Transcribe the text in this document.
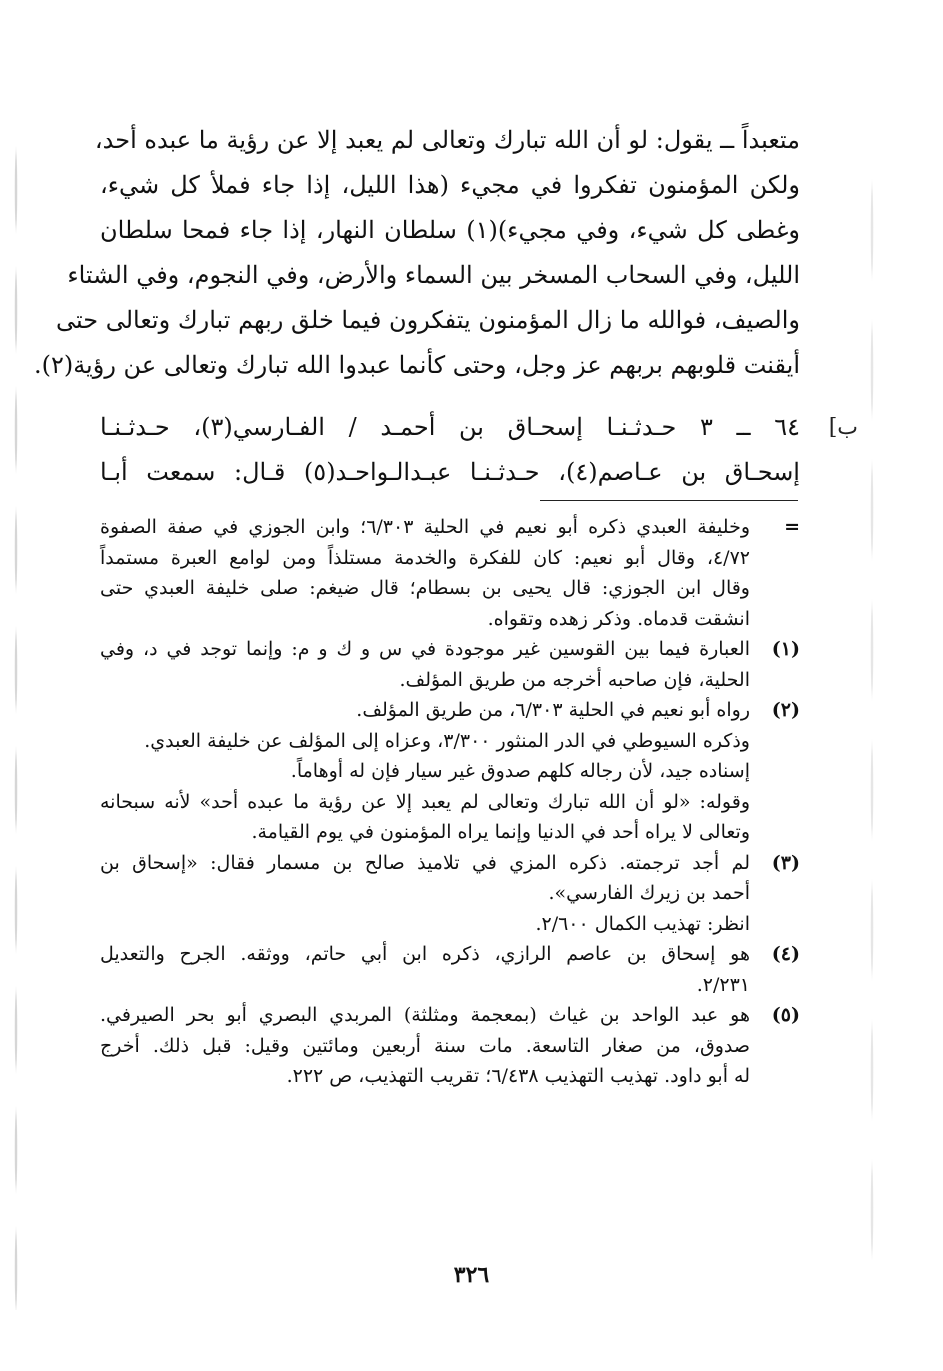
متعبداً ــ يقول: لو أن الله تبارك وتعالى لم يعبد إلا عن رؤية ما عبده أحد،
ولكن المؤمنون تفكروا في مجيء (هذا الليل، إذا جاء فملأ كل شيء،
وغطى كل شيء، وفي مجيء)(١) سلطان النهار، إذا جاء فمحا سلطان
الليل، وفي السحاب المسخر بين السماء والأرض، وفي النجوم، وفي الشتاء
والصيف، فوالله ما زال المؤمنون يتفكرون فيما خلق ربهم تبارك وتعالى حتى
أيقنت قلوبهم بربهم عز وجل، وحتى كأنما عبدوا الله تبارك وتعالى عن رؤية(٢).
ب]
٦٤ ــ ٣ حـدثـنـا إسحـاق بن أحمـد / الفـارسي(٣)، حـدثـنـا
إسحـاق بن عـاصم(٤)، حـدثـنـا عبـدالـواحـد(٥) قـال: سمعت أبـا
=
وخليفة العبدي ذكره أبو نعيم في الحلية ٦/٣٠٣؛ وابن الجوزي في صفة الصفوة
٤/٧٢، وقال أبو نعيم: كان للفكرة والخدمة مستلذاً ومن لوامع العبرة مستمداً
وقال ابن الجوزي: قال يحيى بن بسطام؛ قال ضيغم: صلى خليفة العبدي حتى
انشقت قدماه. وذكر زهده وتقواه.
(١)
العبارة فيما بين القوسين غير موجودة في س و ك و م: وإنما توجد في د، وفي
الحلية، فإن صاحبه أخرجه من طريق المؤلف.
(٢)
رواه أبو نعيم في الحلية ٦/٣٠٣، من طريق المؤلف.
وذكره السيوطي في الدر المنثور ٣/٣٠٠، وعزاه إلى المؤلف عن خليفة العبدي.
إسناده جيد، لأن رجاله كلهم صدوق غير سيار فإن له أوهاماً.
وقوله: «لو أن الله تبارك وتعالى لم يعبد إلا عن رؤية ما عبده أحد» لأنه سبحانه
وتعالى لا يراه أحد في الدنيا وإنما يراه المؤمنون في يوم القيامة.
(٣)
لم أجد ترجمته. ذكره المزي في تلاميذ صالح بن مسمار فقال: «إسحاق بن
أحمد بن زيرك الفارسي».
انظر: تهذيب الكمال ٢/٦٠٠.
(٤)
هو إسحاق بن عاصم الرازي، ذكره ابن أبي حاتم، ووثقه. الجرح والتعديل
٢/٢٣١.
(٥)
هو عبد الواحد بن غياث (بمعجمة ومثلثة) المربدي البصري أبو بحر الصيرفي.
صدوق، من صغار التاسعة. مات سنة أربعين ومائتين وقيل: قبل ذلك. أخرج
له أبو داود. تهذيب التهذيب ٦/٤٣٨؛ تقريب التهذيب، ص ٢٢٢.
٣٢٦
